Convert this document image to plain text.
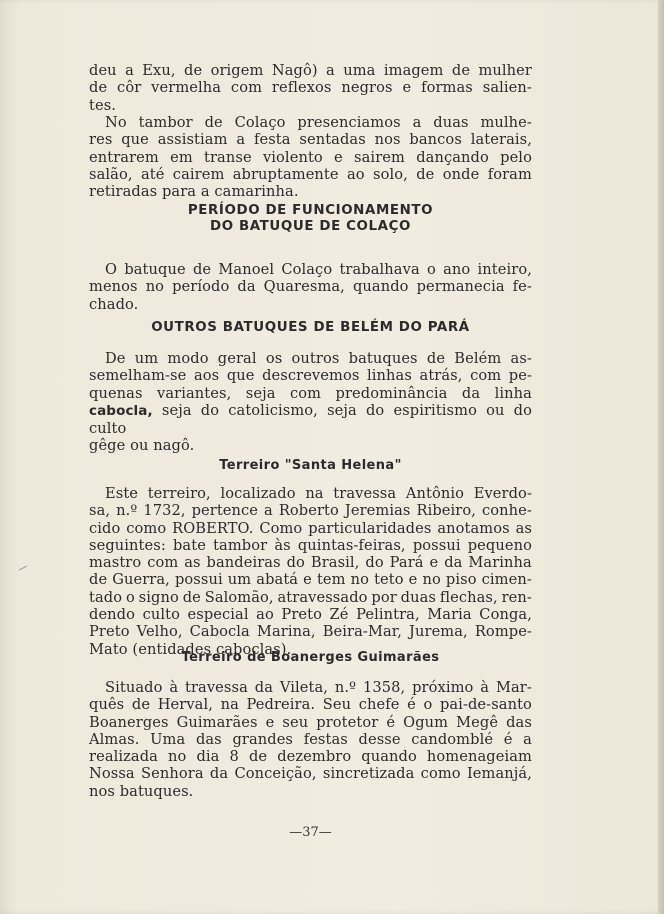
deu a Exu, de origem Nagô) a uma imagem de mulher
de côr vermelha com reflexos negros e formas salien-
tes.
No tambor de Colaço presenciamos a duas mulhe-
res que assistiam a festa sentadas nos bancos laterais,
entrarem em transe violento e sairem dançando pelo
salão, até cairem abruptamente ao solo, de onde foram
retiradas para a camarinha.
PERÍODO DE FUNCIONAMENTO
DO BATUQUE DE COLAÇO
O batuque de Manoel Colaço trabalhava o ano inteiro,
menos no período da Quaresma, quando permanecia fe-
chado.
OUTROS BATUQUES DE BELÉM DO PARÁ
De um modo geral os outros batuques de Belém as-
semelham-se aos que descrevemos linhas atrás, com pe-
quenas variantes, seja com predominância da linha
cabocla, seja do catolicismo, seja do espiritismo ou do culto
gêge ou nagô.
Terreiro "Santa Helena"
Este terreiro, localizado na travessa Antônio Everdo-
sa, n.º 1732, pertence a Roberto Jeremias Ribeiro, conhe-
cido como ROBERTO. Como particularidades anotamos as
seguintes: bate tambor às quintas-feiras, possui pequeno
mastro com as bandeiras do Brasil, do Pará e da Marinha
de Guerra, possui um abatá e tem no teto e no piso cimen-
tado o signo de Salomão, atravessado por duas flechas, ren-
dendo culto especial ao Preto Zé Pelintra, Maria Conga,
Preto Velho, Cabocla Marina, Beira-Mar, Jurema, Rompe-
Mato (entidades caboclas).
Terreiro de Boanerges Guimarães
Situado à travessa da Vileta, n.º 1358, próximo à Mar-
quês de Herval, na Pedreira. Seu chefe é o pai-de-santo
Boanerges Guimarães e seu protetor é Ogum Megê das
Almas. Uma das grandes festas desse candomblé é a
realizada no dia 8 de dezembro quando homenageiam
Nossa Senhora da Conceição, sincretizada como Iemanjá,
nos batuques.
—37—
